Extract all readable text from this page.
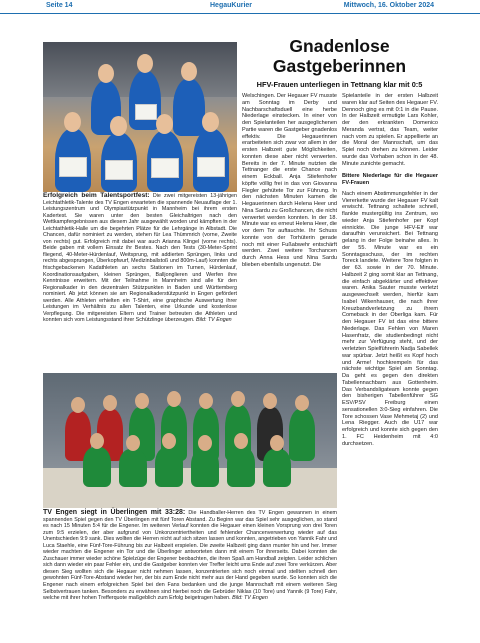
Seite 14	HegauKurier	Mittwoch, 16. Oktober 2024
Erfolgreich beim Talentsportfest: Die zwei mitgereisten 13-jährigen Leichtathletik-Talente des TV Engen erwarteten die spannende Neuauflage der 1. Leistungszentrum und Olympiastützpunkt in Mannheim bei ihrem ersten Kadertest. Sie waren unter den besten Gleichaltrigen nach den Wettkampfergebnissen aus diesem Jahr ausgewählt worden und kämpften in der Leichtathletik-Halle um die begehrten Plätze für die Lehrgänge in Albstadt. Die Chancen, dafür nominiert zu werden, stehen für Lea Thümmrich (vorne, Zweite von rechts) gut. Erfolgreich mit dabei war auch Arianna Klingel (vorne rechts). Beide gaben mit vollem Einsatz ihr Bestes. Nach den Tests (30-Meter-Sprint fliegend, 40-Meter-Hürdenlauf, Weitsprung, mit addierten Sprüngen, links und rechts abgesprungen, Überkopfwurf, Medizinballstoß und 800m-Lauf) konnten die frischgebackenen Kadathleten an sechs Stationen im Turnen, Hürdenlauf, Koordinationsaufgaben, kleinen Sprüngen, Balljonglieren und Werfen ihre Kenntnisse erweitern. Mit der Teilnahme in Mannheim sind alle für den Regionalkader in den dezentralen Stützpunkten in Baden und Württemberg nominiert. Ab jetzt können sie am Regionalkaderstützpunkt in Engen gefördert werden. Alle Athleten erhielten ein T-Shirt, eine graphische Auswertung ihrer Leistungen im Verhältnis zu allen Talenten, eine Urkunde und kostenlose Verpflegung. Die mitgereisten Eltern und Trainer betreuten die Athleten und konnten sich vom Leistungsstand ihrer Schützlinge überzeugen. Bild: TV Engen
Gnadenlose
Gastgeberinnen
HFV-Frauen unterliegen in Tettnang klar mit 0:5

Welschingen. Der Hegauer FV musste am Sonntag im Derby und Nachbarschaftsduell eine herbe Niederlage einstecken. In einer von den Spielanteilen her ausgeglichenen Partie waren die Gastgeber gnadenlos effektiv. Die Hegauerinnen erarbeiteten sich zwar vor allem in der ersten Halbzeit gute Möglichkeiten, konnten diese aber nicht verwerten. Bereits in der 7. Minute nutzten die Tettnanger die erste Chance nach einem Eckball. Anja Stiefenhofer köpfte völlig frei in das von Giovanna Flegler gehütete Tor zur Führung. In den nächsten Minuten kamen die Hegauerinnen durch Helena Heer und Nina Sardu zu Großchancen, die nicht verwertet werden konnten. In der 18. Minute war es erneut Helena Heer, die vor dem Tor auftauchte. Ihr Schuss konnte von der Torhüterin gerade noch mit einer Fußabwehr entschärft werden. Zwei weitere Torchancen durch Anna Hess und Nina Sardu blieben ebenfalls ungenutzt. Die

Spielanteile in der ersten Halbzeit waren klar auf Seiten des Hegauer FV. Dennoch ging es mit 0:1 in die Pause. In der Halbzeit ermutigte Lars Kohler, der den erkrankten Domenico Meranda vertrat, das Team, weiter nach vorn zu spielen. Er appellierte an die Moral der Mannschaft, um das Spiel noch drehen zu können. Leider wurde das Vorhaben schon in der 48. Minute zunichte gemacht.

Bittere Niederlage für die Hegauer FV-Frauen

Nach einem Abstimmungsfehler in der Viererkette wurde der Hegauer FV kalt erwischt. Tettnang schaltete schnell, flankte mustergültig ins Zentrum, wo wieder Anja Stiefenhofer per Kopf einnickte. Die junge HFV-Elf war daraufhin verunsichert. Bei Tettnang gelang in der Folge beinahe alles. In der 55. Minute war es ein Sonntagsschuss, der im rechten Toreck landete. Weitere Tore folgten in der 63. sowie in der 70. Minute. Halbzeit 2 ging somit klar an Tettnang, die einfach abgeklärter und effektiver waren. Anika Sauter musste verletzt ausgewechselt werden, hierfür kam Isabel Wikenhauser, die nach ihrer Kreuzbandverletzung zu ihrem Comeback in der Oberliga kam. Für den Hegauer FV ist das eine bittere Niederlage. Das Fehlen von Maren Hasenfratz, die studienbedingt nicht mehr zur Verfügung steht, und der verletzten Spielführerin Nadja Sabellek war spürbar. Jetzt heißt es Kopf hoch und Arme! hochkrempeln für das nächste wichtige Spiel am Sonntag. Da geht es gegen den direkten Tabellennachbarn aus Gottenheim. Das Verbandsligateam konnte gegen den bisherigen Tabellenführer SG ESV/PSV Freiburg einen sensationellen 3:0-Sieg einfahren. Die Tore schossen Vase Mehmetaj (2) und Lena Riegger. Auch die U17 war erfolgreich und konnte sich gegen den 1. FC Heidenheim mit 4:0 durchsetzen.

TV Engen siegt in Überlingen mit 33:28: Die Handballer-Herren des TV Engen gewannen in einem spannenden Spiel gegen den TV Überlingen mit fünf Toren Abstand. Zu Beginn war das Spiel sehr ausgeglichen, so stand es nach 15 Minuten 5:4 für die Engener. Im weiteren Verlauf konnten die Hegauer einen kleinen Vorsprung von drei Toren zum 9:5 erzielen, der aber aufgrund von Unkonzentriertheiten und fehlender Chancenverwertung wieder auf das Unentschieden 9:9 sank. Dies wollten die Herren nicht auf sich sitzen lassen und konnten, angetrieben von Yannik Fahr und Luca Staehle, eine Fünf-Tore-Führung bis zur Halbzeit erspielen. Die zweite Halbzeit ging dann munter hin und her. Immer wieder machten die Engener ein Tor und die Überlinger antworteten dann mit einem Tor ihrerseits. Dabei konnten die Zuschauer immer wieder schöne Spielzüge der Engener beobachten, die ihren Spaß am Handball zeigten. Leider schlichen sich dann wieder ein paar Fehler ein, und die Gastgeber konnten vier Treffer leicht ums Ende auf zwei Tore verkürzen. Aber diesen Sieg wollten sich die Hegauer nicht nehmen lassen, konzentrierten sich noch einmal und stellten schnell den gewohnten Fünf-Tore-Abstand wieder her, der bis zum Ende nicht mehr aus der Hand gegeben wurde. So konnten sich die Engener nach einem erfolgreichen Spiel bei den Fans bedanken und die junge Mannschaft mit einem weiteren Sieg Selbstvertrauen tanken. Besonders zu erwähnen sind hierbei noch die Gebrüder Niklas (10 Tore) und Yannik (9 Tore) Fahr, welche mit ihrer hohen Trefferquote maßgeblich zum Erfolg beigetragen haben. Bild: TV Engen
